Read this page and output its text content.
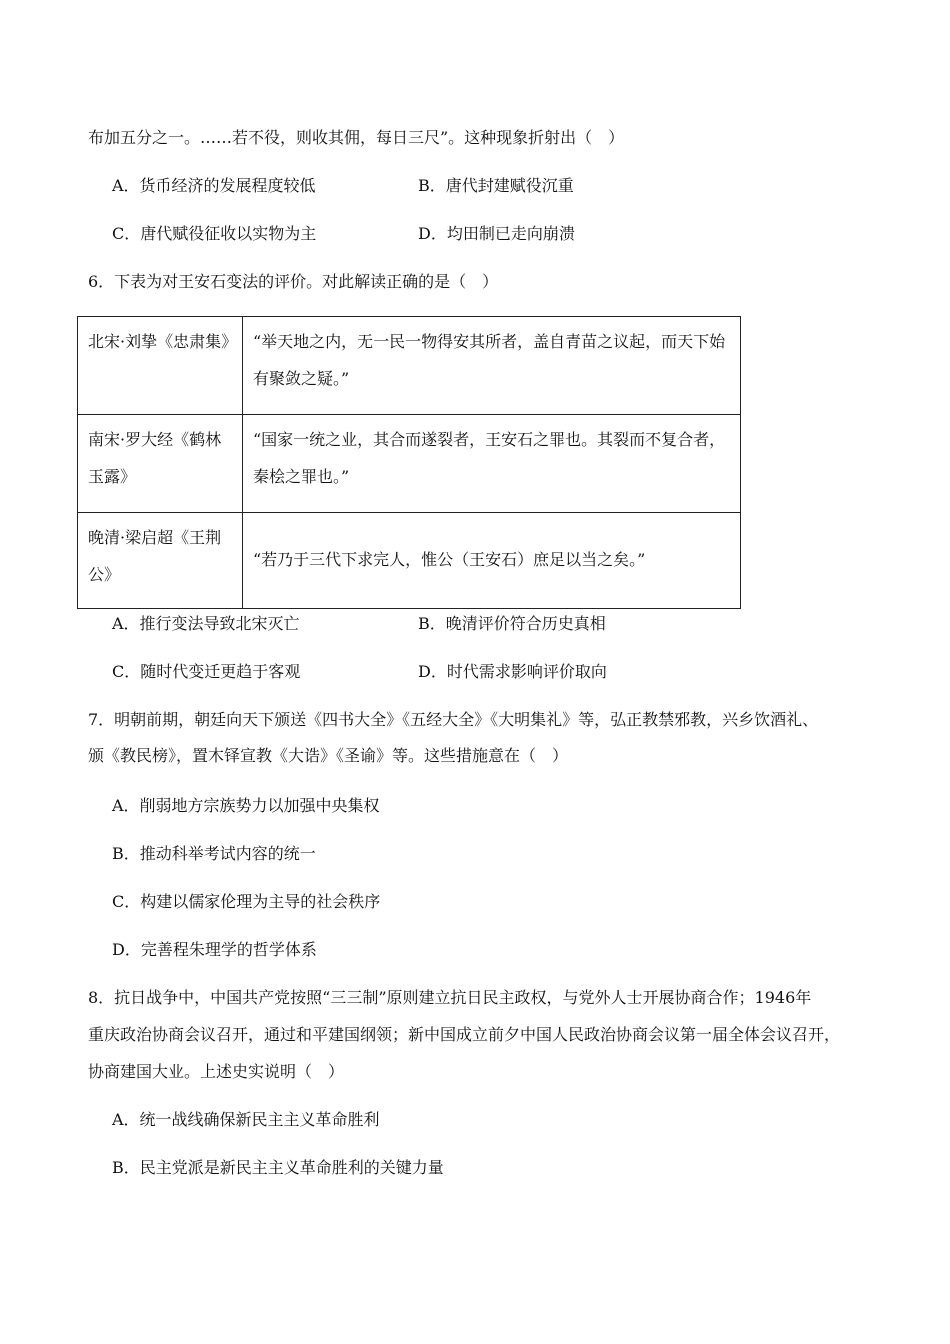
布加五分之一。……若不役，则收其佣，每日三尺”。这种现象折射出（　）
A．货币经济的发展程度较低	B．唐代封建赋役沉重
C．唐代赋役征收以实物为主	D．均田制已走向崩溃
6．下表为对王安石变法的评价。对此解读正确的是（　）
北宋·刘挚《忠肃集》	“举天地之内，无一民一物得安其所者，盖自青苗之议起，而天下始有聚敛之疑。”
南宋·罗大经《鹤林玉露》	“国家一统之业，其合而遂裂者，王安石之罪也。其裂而不复合者，秦桧之罪也。”
晚清·梁启超《王荆公》	“若乃于三代下求完人，惟公（王安石）庶足以当之矣。”
A．推行变法导致北宋灭亡	B．晚清评价符合历史真相
C．随时代变迁更趋于客观	D．时代需求影响评价取向
7．明朝前期，朝廷向天下颁送《四书大全》《五经大全》《大明集礼》等，弘正教禁邪教，兴乡饮酒礼、
颁《教民榜》，置木铎宣教《大诰》《圣谕》等。这些措施意在（　）
A．削弱地方宗族势力以加强中央集权
B．推动科举考试内容的统一
C．构建以儒家伦理为主导的社会秩序
D．完善程朱理学的哲学体系
8．抗日战争中，中国共产党按照“三三制”原则建立抗日民主政权，与党外人士开展协商合作；1946年
重庆政治协商会议召开，通过和平建国纲领；新中国成立前夕中国人民政治协商会议第一届全体会议召开，
协商建国大业。上述史实说明（　）
A．统一战线确保新民主主义革命胜利
B．民主党派是新民主主义革命胜利的关键力量
